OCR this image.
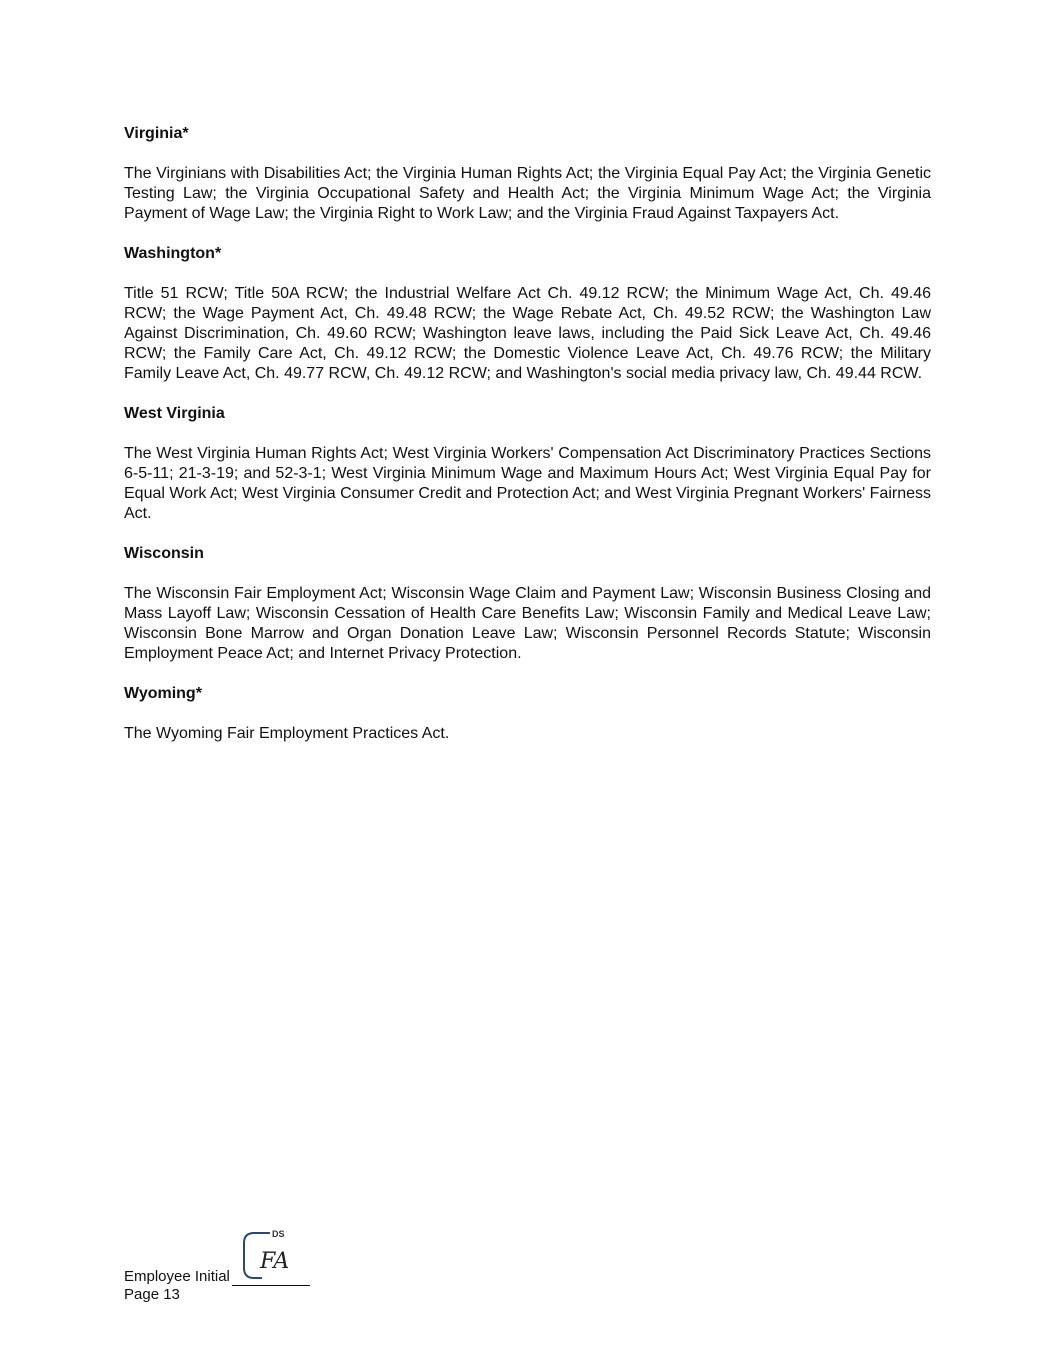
Virginia*
The Virginians with Disabilities Act; the Virginia Human Rights Act; the Virginia Equal Pay Act; the Virginia Genetic Testing Law; the Virginia Occupational Safety and Health Act; the Virginia Minimum Wage Act; the Virginia Payment of Wage Law; the Virginia Right to Work Law; and the Virginia Fraud Against Taxpayers Act.
Washington*
Title 51 RCW; Title 50A RCW; the Industrial Welfare Act Ch. 49.12 RCW; the Minimum Wage Act, Ch. 49.46 RCW; the Wage Payment Act, Ch. 49.48 RCW; the Wage Rebate Act, Ch. 49.52 RCW; the Washington Law Against Discrimination, Ch. 49.60 RCW; Washington leave laws, including the Paid Sick Leave Act, Ch. 49.46 RCW; the Family Care Act, Ch. 49.12 RCW; the Domestic Violence Leave Act, Ch. 49.76 RCW; the Military Family Leave Act, Ch. 49.77 RCW, Ch. 49.12 RCW; and Washington's social media privacy law, Ch. 49.44 RCW.
West Virginia
The West Virginia Human Rights Act; West Virginia Workers' Compensation Act Discriminatory Practices Sections 6-5-11; 21-3-19; and 52-3-1; West Virginia Minimum Wage and Maximum Hours Act; West Virginia Equal Pay for Equal Work Act; West Virginia Consumer Credit and Protection Act; and West Virginia Pregnant Workers' Fairness Act.
Wisconsin
The Wisconsin Fair Employment Act; Wisconsin Wage Claim and Payment Law; Wisconsin Business Closing and Mass Layoff Law; Wisconsin Cessation of Health Care Benefits Law; Wisconsin Family and Medical Leave Law; Wisconsin Bone Marrow and Organ Donation Leave Law; Wisconsin Personnel Records Statute; Wisconsin Employment Peace Act; and Internet Privacy Protection.
Wyoming*
The Wyoming Fair Employment Practices Act.
DS
FA
Employee Initial
Page 13
